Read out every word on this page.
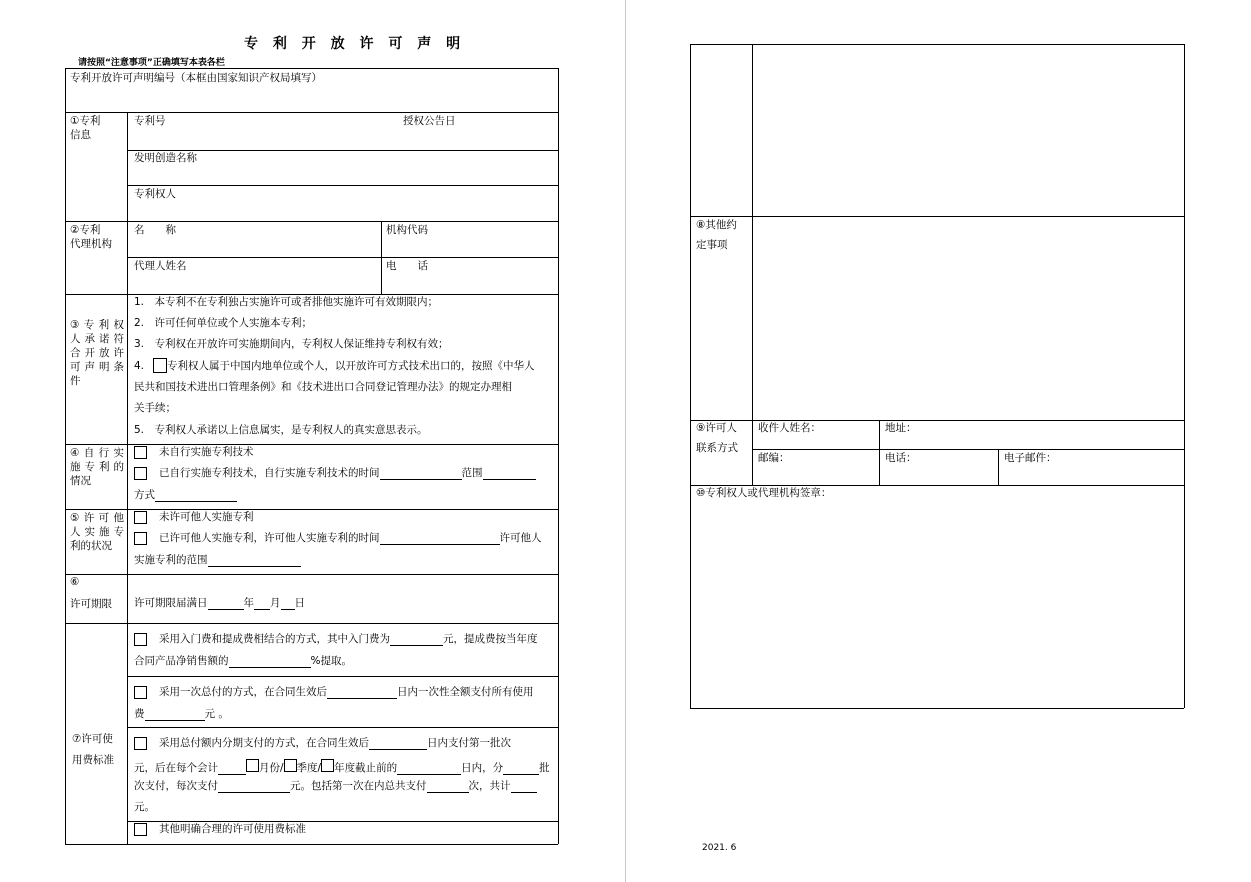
专 利 开 放 许 可 声 明
请按照“注意事项”正确填写本表各栏
专利开放许可声明编号（本框由国家知识产权局填写）
①专利
信息
专利号	授权公告日
发明创造名称
专利权人
②专利
代理机构
名　　称	机构代码
代理人姓名	电　　话
③ 专 利 权 人 承 诺 符 合 开 放 许 可 声 明 条件
1.　本专利不在专利独占实施许可或者排他实施许可有效期限内；
2.　许可任何单位或个人实施本专利；
3.　专利权在开放许可实施期间内，专利权人保证维持专利权有效；
4. 专利权人属于中国内地单位或个人，以开放许可方式技术出口的，按照《中华人
民共和国技术进出口管理条例》和《技术进出口合同登记管理办法》的规定办理相
关手续；
5.　专利权人承诺以上信息属实，是专利权人的真实意思表示。
④ 自 行 实 施 专 利 的 情况
未自行实施专利技术
已自行实施专利技术，自行实施专利技术的时间	范围
方式
⑤ 许 可 他 人 实 施 专 利的状况
未许可他人实施专利
已许可他人实施专利，许可他人实施专利的时间	许可他人
实施专利的范围
⑥
许可期限 许可期限届满日	年 月 日
⑦许可使
用费标准
采用入门费和提成费相结合的方式，其中入门费为	元，提成费按当年度
合同产品净销售额的	%提取。
采用一次总付的方式，在合同生效后	日内一次性全额支付所有使用
费	元 。
采用总付额内分期支付的方式，在合同生效后	日内支付第一批次
元，后在每个会计	月份/ 季度/ 年度截止前的	日内，分	批
次支付，每次支付	元。包括第一次在内总共支付	次，共计
元。
其他明确合理的许可使用费标准
⑧其他约
定事项
⑨许可人
联系方式
收件人姓名：	地址：
邮编：	电话：	电子邮件：
⑩专利权人或代理机构签章：
2021. 6
